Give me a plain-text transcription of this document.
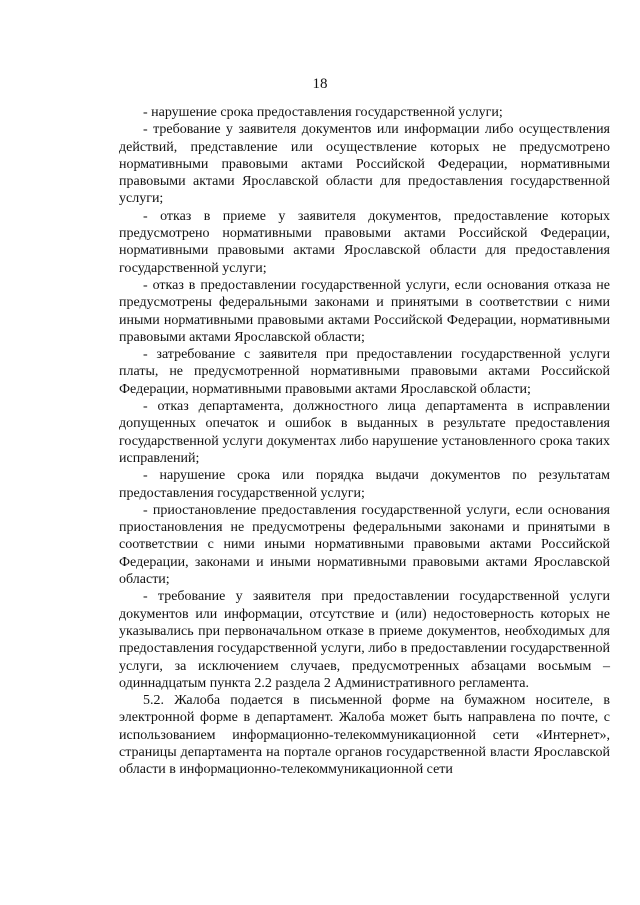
18

- нарушение срока предоставления государственной услуги;

- требование у заявителя документов или информации либо осуществления действий, представление или осуществление которых не предусмотрено нормативными правовыми актами Российской Федерации, нормативными правовыми актами Ярославской области для предоставления государственной услуги;

- отказ в приеме у заявителя документов, предоставление которых предусмотрено нормативными правовыми актами Российской Федерации, нормативными правовыми актами Ярославской области для предоставления государственной услуги;

- отказ в предоставлении государственной услуги, если основания отказа не предусмотрены федеральными законами и принятыми в соответствии с ними иными нормативными правовыми актами Российской Федерации, нормативными правовыми актами Ярославской области;

- затребование с заявителя при предоставлении государственной услуги платы, не предусмотренной нормативными правовыми актами Российской Федерации, нормативными правовыми актами Ярославской области;

- отказ департамента, должностного лица департамента в исправлении допущенных опечаток и ошибок в выданных в результате предоставления государственной услуги документах либо нарушение установленного срока таких исправлений;

- нарушение срока или порядка выдачи документов по результатам предоставления государственной услуги;

- приостановление предоставления государственной услуги, если основания приостановления не предусмотрены федеральными законами и принятыми в соответствии с ними иными нормативными правовыми актами Российской Федерации, законами и иными нормативными правовыми актами Ярославской области;

- требование у заявителя при предоставлении государственной услуги документов или информации, отсутствие и (или) недостоверность которых не указывались при первоначальном отказе в приеме документов, необходимых для предоставления государственной услуги, либо в предоставлении государственной услуги, за исключением случаев, предусмотренных абзацами восьмым – одиннадцатым пункта 2.2 раздела 2 Административного регламента.

5.2. Жалоба подается в письменной форме на бумажном носителе, в электронной форме в департамент. Жалоба может быть направлена по почте, с использованием информационно-телекоммуникационной сети «Интернет», страницы департамента на портале органов государственной власти Ярославской области в информационно-телекоммуникационной сети
